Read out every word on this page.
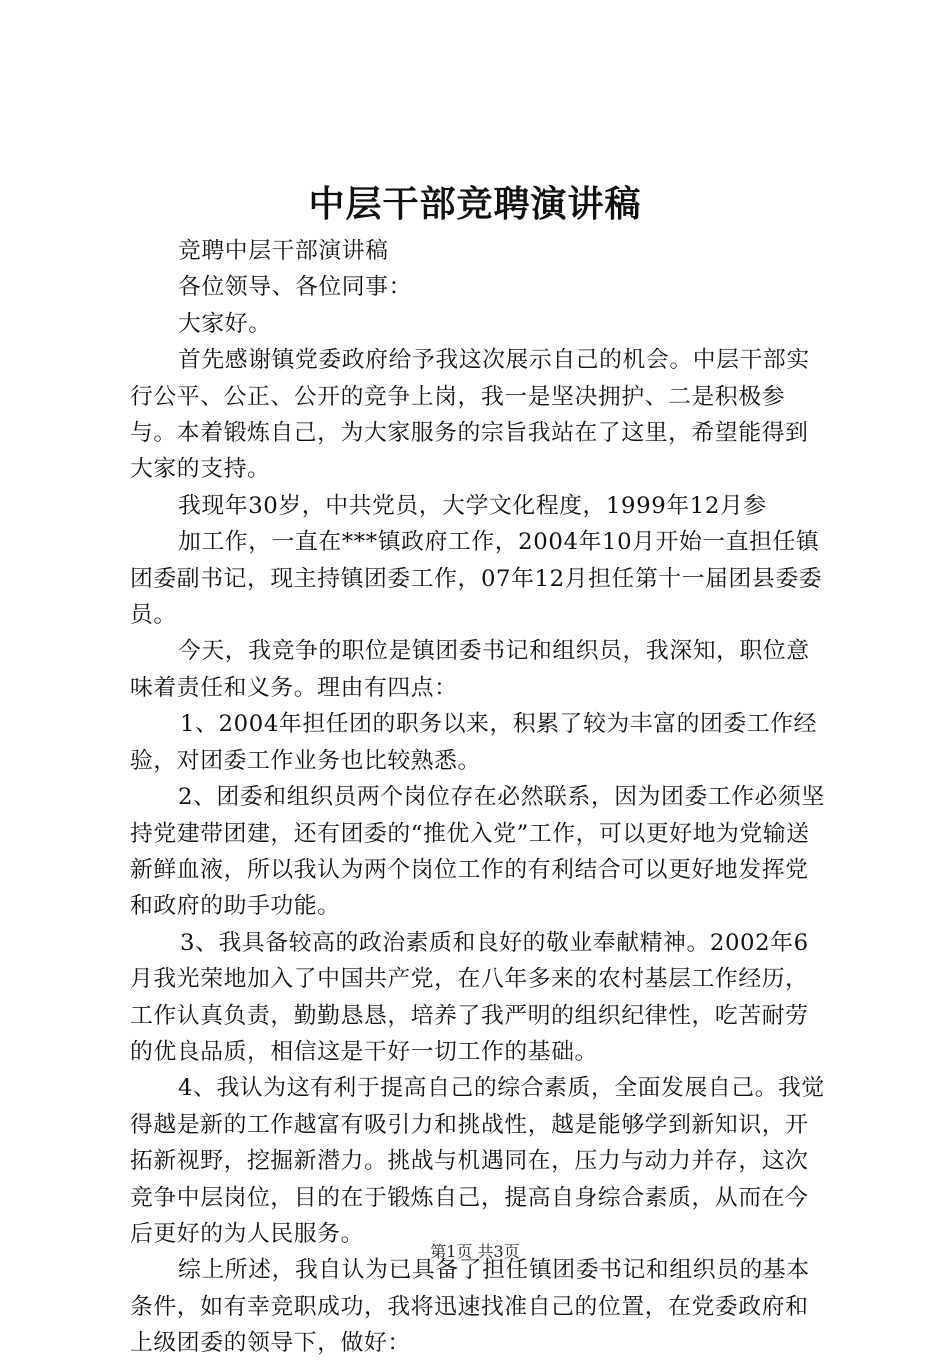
中层干部竞聘演讲稿

竞聘中层干部演讲稿

各位领导、各位同事：

大家好。

首先感谢镇党委政府给予我这次展示自己的机会。中层干部实行公平、公正、公开的竞争上岗，我一是坚决拥护、二是积极参与。本着锻炼自己，为大家服务的宗旨我站在了这里，希望能得到大家的支持。

我现年30岁，中共党员，大学文化程度，1999年12月参

加工作，一直在***镇政府工作，2004年10月开始一直担任镇团委副书记，现主持镇团委工作，07年12月担任第十一届团县委委员。

今天，我竞争的职位是镇团委书记和组织员，我深知，职位意味着责任和义务。理由有四点：

1、2004年担任团的职务以来，积累了较为丰富的团委工作经验，对团委工作业务也比较熟悉。

2、团委和组织员两个岗位存在必然联系，因为团委工作必须坚持党建带团建，还有团委的“推优入党”工作，可以更好地为党输送新鲜血液，所以我认为两个岗位工作的有利结合可以更好地发挥党和政府的助手功能。

3、我具备较高的政治素质和良好的敬业奉献精神。2002年6月我光荣地加入了中国共产党，在八年多来的农村基层工作经历，工作认真负责，勤勤恳恳，培养了我严明的组织纪律性，吃苦耐劳的优良品质，相信这是干好一切工作的基础。

4、我认为这有利于提高自己的综合素质，全面发展自己。我觉得越是新的工作越富有吸引力和挑战性，越是能够学到新知识，开拓新视野，挖掘新潜力。挑战与机遇同在，压力与动力并存，这次竞争中层岗位，目的在于锻炼自己，提高自身综合素质，从而在今后更好的为人民服务。

综上所述，我自认为已具备了担任镇团委书记和组织员的基本条件，如有幸竞职成功，我将迅速找准自己的位置，在党委政府和上级团委的领导下，做好：

第1页 共3页
